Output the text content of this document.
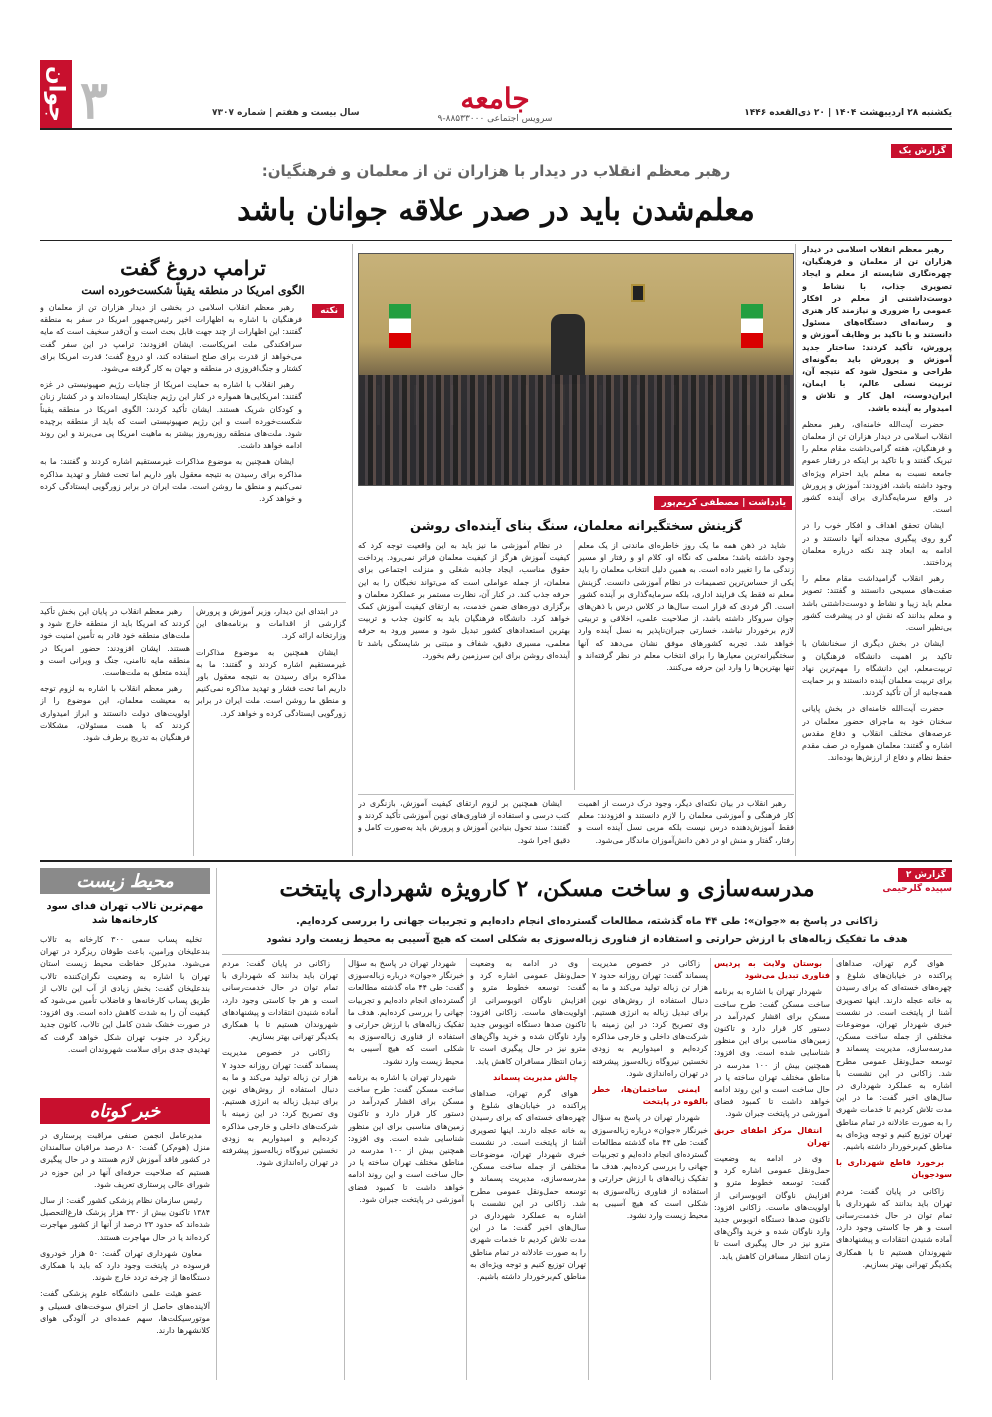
یکشنبه ۲۸ اردیبهشت ۱۴۰۴ | ۲۰ ذی‌القعده ۱۴۴۶
سال بیست و هفتم | شماره ۷۳۰۷
جوان ۳	جامعه
سرویس اجتماعی ۸۸۵۳۳۰۰۰-۹
گزارش یک
رهبر معظم انقلاب در دیدار با هزاران تن از معلمان و فرهنگیان:
معلم‌شدن باید در صدر علاقه جوانان باشد

رهبر معظم انقلاب اسلامی در دیدار هزاران تن از معلمان و فرهنگیان، چهره‌نگاری شایسته از معلم و ایجاد تصویری جذاب، با نشاط و دوست‌داشتنی از معلم در افکار عمومی را ضروری و نیازمند کار هنری و رسانه‌ای دستگاه‌های مسئول دانستند و با تاکید بر وظایف آموزش و پرورش، تأکید کردند: ساختار جدید آموزش و پرورش باید به‌گونه‌ای طراحی و متحول شود که نتیجه آن، تربیت نسلی عالم، با ایمان، ایران‌دوست، اهل کار و تلاش و امیدوار به آینده باشد.

حضرت آیت‌الله خامنه‌ای، رهبر معظم انقلاب اسلامی در دیدار هزاران تن از معلمان و فرهنگیان، هفته گرامی‌داشت مقام معلم را تبریک گفتند و با تاکید بر اینکه در رفتار عموم جامعه نسبت به معلم باید احترام ویژه‌ای وجود داشته باشد، افزودند: آموزش و پرورش در واقع سرمایه‌گذاری برای آینده کشور است.

ایشان تحقق اهداف و افکار خوب را در گرو روی پیگیری مجدانه آنها دانستند و در ادامه به ابعاد چند نکته درباره معلمان پرداختند.

رهبر انقلاب گرامیداشت مقام معلم را صفت‌های مسیحی دانستند و گفتند: تصویر معلم باید زیبا و نشاط و دوست‌داشتنی باشد و معلم بدانند که نقش او در پیشرفت کشور بی‌نظیر است.

ایشان در بخش دیگری از سخنانشان با تاکید بر اهمیت دانشگاه فرهنگیان و تربیت‌معلم، این دانشگاه را مهم‌ترین نهاد برای تربیت معلمان آینده دانستند و بر حمایت همه‌جانبه از آن تأکید کردند.

حضرت آیت‌الله خامنه‌ای در بخش پایانی سخنان خود به ماجرای حضور معلمان در عرصه‌های مختلف انقلاب و دفاع مقدس اشاره و گفتند: معلمان همواره در صف مقدم حفظ نظام و دفاع از ارزش‌ها بوده‌اند.

یادداشت
|
مصطفی کریم‌پور
گزینش سختگیرانه معلمان، سنگ بنای آینده‌ای روشن

شاید در ذهن همه ما یک روز خاطره‌ای ماندنی از یک معلم وجود داشته باشد؛ معلمی که نگاه او، کلام او و رفتار او مسیر زندگی ما را تغییر داده است. به همین دلیل انتخاب معلمان را باید یکی از حساس‌ترین تصمیمات در نظام آموزشی دانست. گزینش معلم نه فقط یک فرایند اداری، بلکه سرمایه‌گذاری بر آینده کشور است. اگر فردی که قرار است سال‌ها در کلاس درس با ذهن‌های جوان سروکار داشته باشد، از صلاحیت علمی، اخلاقی و تربیتی لازم برخوردار نباشد، خسارتی جبران‌ناپذیر به نسل آینده وارد خواهد شد. تجربه کشورهای موفق نشان می‌دهد که آنها سختگیرانه‌ترین معیارها را برای انتخاب معلم در نظر گرفته‌اند و تنها بهترین‌ها را وارد این حرفه می‌کنند.

در نظام آموزشی ما نیز باید به این واقعیت توجه کرد که کیفیت آموزش هرگز از کیفیت معلمان فراتر نمی‌رود. پرداخت حقوق مناسب، ایجاد جاذبه شغلی و منزلت اجتماعی برای معلمان، از جمله عواملی است که می‌تواند نخبگان را به این حرفه جذب کند. در کنار آن، نظارت مستمر بر عملکرد معلمان و برگزاری دوره‌های ضمن خدمت، به ارتقای کیفیت آموزش کمک خواهد کرد. دانشگاه فرهنگیان باید به کانون جذب و تربیت بهترین استعدادهای کشور تبدیل شود و مسیر ورود به حرفه معلمی، مسیری دقیق، شفاف و مبتنی بر شایستگی باشد تا آینده‌ای روشن برای این سرزمین رقم بخورد.

رهبر انقلاب در بیان نکته‌ای دیگر، وجود درک درست از اهمیت کار فرهنگی و آموزشی معلمان را لازم دانستند و افزودند: معلم فقط آموزش‌دهنده درس نیست بلکه مربی نسل آینده است و رفتار، گفتار و منش او در ذهن دانش‌آموزان ماندگار می‌شود.

ایشان همچنین بر لزوم ارتقای کیفیت آموزش، بازنگری در کتب درسی و استفاده از فناوری‌های نوین آموزشی تأکید کردند و گفتند: سند تحول بنیادین آموزش و پرورش باید به‌صورت کامل و دقیق اجرا شود.

ترامپ دروغ گفت
الگوی امریکا در منطقه یقیناً شکست‌خورده است
نکته

رهبر معظم انقلاب اسلامی در بخشی از دیدار هزاران تن از معلمان و فرهنگیان با اشاره به اظهارات اخیر رئیس‌جمهور امریکا در سفر به منطقه گفتند: این اظهارات از چند جهت قابل بحث است و آن‌قدر سخیف است که مایه سرافکندگی ملت امریکاست. ایشان افزودند: ترامپ در این سفر گفت می‌خواهد از قدرت برای صلح استفاده کند، او دروغ گفت؛ قدرت امریکا برای کشتار و جنگ‌افروزی در منطقه و جهان به کار گرفته می‌شود.

رهبر انقلاب با اشاره به حمایت امریکا از جنایات رژیم صهیونیستی در غزه گفتند: امریکایی‌ها همواره در کنار این رژیم جنایتکار ایستاده‌اند و در کشتار زنان و کودکان شریک هستند. ایشان تأکید کردند: الگوی امریکا در منطقه یقیناً شکست‌خورده است و این رژیم صهیونیستی است که باید از منطقه برچیده شود. ملت‌های منطقه روزبه‌روز بیشتر به ماهیت امریکا پی می‌برند و این روند ادامه خواهد داشت.

ایشان همچنین به موضوع مذاکرات غیرمستقیم اشاره کردند و گفتند: ما به مذاکره برای رسیدن به نتیجه معقول باور داریم اما تحت فشار و تهدید مذاکره نمی‌کنیم و منطق ما روشن است. ملت ایران در برابر زورگویی ایستادگی کرده و خواهد کرد.

رهبر معظم انقلاب در پایان این بخش تأکید کردند که امریکا باید از منطقه خارج شود و ملت‌های منطقه خود قادر به تأمین امنیت خود هستند. ایشان افزودند: حضور امریکا در منطقه مایه ناامنی، جنگ و ویرانی است و آینده متعلق به ملت‌هاست.

رهبر معظم انقلاب با اشاره به لزوم توجه به معیشت معلمان، این موضوع را از اولویت‌های دولت دانستند و ابراز امیدواری کردند که با همت مسئولان، مشکلات فرهنگیان به تدریج برطرف شود.

در ابتدای این دیدار، وزیر آموزش و پرورش گزارشی از اقدامات و برنامه‌های این وزارتخانه ارائه کرد.

ایشان همچنین به موضوع مذاکرات غیرمستقیم اشاره کردند و گفتند: ما به مذاکره برای رسیدن به نتیجه معقول باور داریم اما تحت فشار و تهدید مذاکره نمی‌کنیم و منطق ما روشن است. ملت ایران در برابر زورگویی ایستادگی کرده و خواهد کرد.

محیط زیست
مهم‌ترین تالاب تهران فدای سود کارخانه‌ها شد

تخلیه پساب سمی ۳۰۰ کارخانه به تالاب بندعلیخان ورامین، باعث طوفان ریزگرد در تهران می‌شود. مدیرکل حفاظت محیط زیست استان تهران با اشاره به وضعیت نگران‌کننده تالاب بندعلیخان گفت: بخش زیادی از آب این تالاب از طریق پساب کارخانه‌ها و فاضلاب تأمین می‌شود که کیفیت آن را به شدت کاهش داده است. وی افزود: در صورت خشک شدن کامل این تالاب، کانون جدید ریزگرد در جنوب تهران شکل خواهد گرفت که تهدیدی جدی برای سلامت شهروندان است.

خبر کوتاه

مدیرعامل انجمن صنفی مراقبت پرستاری در منزل (هوم‌کر) گفت: ۸۰ درصد مراقبان سالمندان در کشور فاقد آموزش لازم هستند و در حال پیگیری هستیم که صلاحیت حرفه‌ای آنها در این حوزه در شورای عالی پرستاری تعریف شود.

رئیس سازمان نظام پزشکی کشور گفت: از سال ۱۳۸۴ تاکنون بیش از ۳۳۰ هزار پزشک فارغ‌التحصیل شده‌اند که حدود ۲۳ درصد از آنها از کشور مهاجرت کرده‌اند یا در حال مهاجرت هستند.

معاون شهرداری تهران گفت: ۵۰ هزار خودروی فرسوده در پایتخت وجود دارد که باید با همکاری دستگاه‌ها از چرخه تردد خارج شوند.

عضو هیئت علمی دانشگاه علوم پزشکی گفت: آلاینده‌های حاصل از احتراق سوخت‌های فسیلی و موتورسیکلت‌ها، سهم عمده‌ای در آلودگی هوای کلانشهرها دارند.

گزارش ۲
سپیده گلرحیمی
مدرسه‌سازی و ساخت مسکن، ۲ کارویژه شهرداری پایتخت
زاکانی در پاسخ به «جوان»: طی ۴۴ ماه گذشته، مطالعات گسترده‌ای انجام داده‌ایم و تجربیات جهانی را بررسی کرده‌ایم.
هدف ما تفکیک زباله‌های با ارزش حرارتی و استفاده از فناوری زباله‌سوزی به شکلی است که هیچ آسیبی به محیط زیست وارد نشود

هوای گرم تهران، صداهای پراکنده در خیابان‌های شلوغ و چهره‌های خسته‌ای که برای رسیدن به خانه عجله دارند. اینها تصویری آشنا از پایتخت است. در نشست خبری شهردار تهران، موضوعات مختلفی از جمله ساخت مسکن، مدرسه‌سازی، مدیریت پسماند و توسعه حمل‌ونقل عمومی مطرح شد. زاکانی در این نشست با اشاره به عملکرد شهرداری در سال‌های اخیر گفت: ما در این مدت تلاش کردیم تا خدمات شهری را به صورت عادلانه در تمام مناطق تهران توزیع کنیم و توجه ویژه‌ای به مناطق کم‌برخوردار داشته باشیم.

برخورد قاطع شهرداری با سودجویان

زاکانی در پایان گفت: مردم تهران باید بدانند که شهرداری با تمام توان در حال خدمت‌رسانی است و هر جا کاستی وجود دارد، آماده شنیدن انتقادات و پیشنهادهای شهروندان هستیم تا با همکاری یکدیگر تهرانی بهتر بسازیم.

بوستان ولایت به پردیس فناوری تبدیل می‌شود

شهردار تهران با اشاره به برنامه ساخت مسکن گفت: طرح ساخت مسکن برای اقشار کم‌درآمد در دستور کار قرار دارد و تاکنون زمین‌های مناسبی برای این منظور شناسایی شده است. وی افزود: همچنین بیش از ۱۰۰ مدرسه در مناطق مختلف تهران ساخته یا در حال ساخت است و این روند ادامه خواهد داشت تا کمبود فضای آموزشی در پایتخت جبران شود.

انتقال مرکز اطفای حریق تهران

وی در ادامه به وضعیت حمل‌ونقل عمومی اشاره کرد و گفت: توسعه خطوط مترو و افزایش ناوگان اتوبوسرانی از اولویت‌های ماست. زاکانی افزود: تاکنون صدها دستگاه اتوبوس جدید وارد ناوگان شده و خرید واگن‌های مترو نیز در حال پیگیری است تا زمان انتظار مسافران کاهش یابد.

زاکانی در خصوص مدیریت پسماند گفت: تهران روزانه حدود ۷ هزار تن زباله تولید می‌کند و ما به دنبال استفاده از روش‌های نوین برای تبدیل زباله به انرژی هستیم. وی تصریح کرد: در این زمینه با شرکت‌های داخلی و خارجی مذاکره کرده‌ایم و امیدواریم به زودی نخستین نیروگاه زباله‌سوز پیشرفته در تهران راه‌اندازی شود.

ایمنی ساختمان‌ها، خطر بالقوه در پایتخت

شهردار تهران در پاسخ به سؤال خبرنگار «جوان» درباره زباله‌سوزی گفت: طی ۴۴ ماه گذشته مطالعات گسترده‌ای انجام داده‌ایم و تجربیات جهانی را بررسی کرده‌ایم. هدف ما تفکیک زباله‌های با ارزش حرارتی و استفاده از فناوری زباله‌سوزی به شکلی است که هیچ آسیبی به محیط زیست وارد نشود.

وی در ادامه به وضعیت حمل‌ونقل عمومی اشاره کرد و گفت: توسعه خطوط مترو و افزایش ناوگان اتوبوسرانی از اولویت‌های ماست. زاکانی افزود: تاکنون صدها دستگاه اتوبوس جدید وارد ناوگان شده و خرید واگن‌های مترو نیز در حال پیگیری است تا زمان انتظار مسافران کاهش یابد.

چالش مدیریت پسماند

هوای گرم تهران، صداهای پراکنده در خیابان‌های شلوغ و چهره‌های خسته‌ای که برای رسیدن به خانه عجله دارند. اینها تصویری آشنا از پایتخت است. در نشست خبری شهردار تهران، موضوعات مختلفی از جمله ساخت مسکن، مدرسه‌سازی، مدیریت پسماند و توسعه حمل‌ونقل عمومی مطرح شد. زاکانی در این نشست با اشاره به عملکرد شهرداری در سال‌های اخیر گفت: ما در این مدت تلاش کردیم تا خدمات شهری را به صورت عادلانه در تمام مناطق تهران توزیع کنیم و توجه ویژه‌ای به مناطق کم‌برخوردار داشته باشیم.

شهردار تهران در پاسخ به سؤال خبرنگار «جوان» درباره زباله‌سوزی گفت: طی ۴۴ ماه گذشته مطالعات گسترده‌ای انجام داده‌ایم و تجربیات جهانی را بررسی کرده‌ایم. هدف ما تفکیک زباله‌های با ارزش حرارتی و استفاده از فناوری زباله‌سوزی به شکلی است که هیچ آسیبی به محیط زیست وارد نشود.

شهردار تهران با اشاره به برنامه ساخت مسکن گفت: طرح ساخت مسکن برای اقشار کم‌درآمد در دستور کار قرار دارد و تاکنون زمین‌های مناسبی برای این منظور شناسایی شده است. وی افزود: همچنین بیش از ۱۰۰ مدرسه در مناطق مختلف تهران ساخته یا در حال ساخت است و این روند ادامه خواهد داشت تا کمبود فضای آموزشی در پایتخت جبران شود.

زاکانی در پایان گفت: مردم تهران باید بدانند که شهرداری با تمام توان در حال خدمت‌رسانی است و هر جا کاستی وجود دارد، آماده شنیدن انتقادات و پیشنهادهای شهروندان هستیم تا با همکاری یکدیگر تهرانی بهتر بسازیم.

زاکانی در خصوص مدیریت پسماند گفت: تهران روزانه حدود ۷ هزار تن زباله تولید می‌کند و ما به دنبال استفاده از روش‌های نوین برای تبدیل زباله به انرژی هستیم. وی تصریح کرد: در این زمینه با شرکت‌های داخلی و خارجی مذاکره کرده‌ایم و امیدواریم به زودی نخستین نیروگاه زباله‌سوز پیشرفته در تهران راه‌اندازی شود.
